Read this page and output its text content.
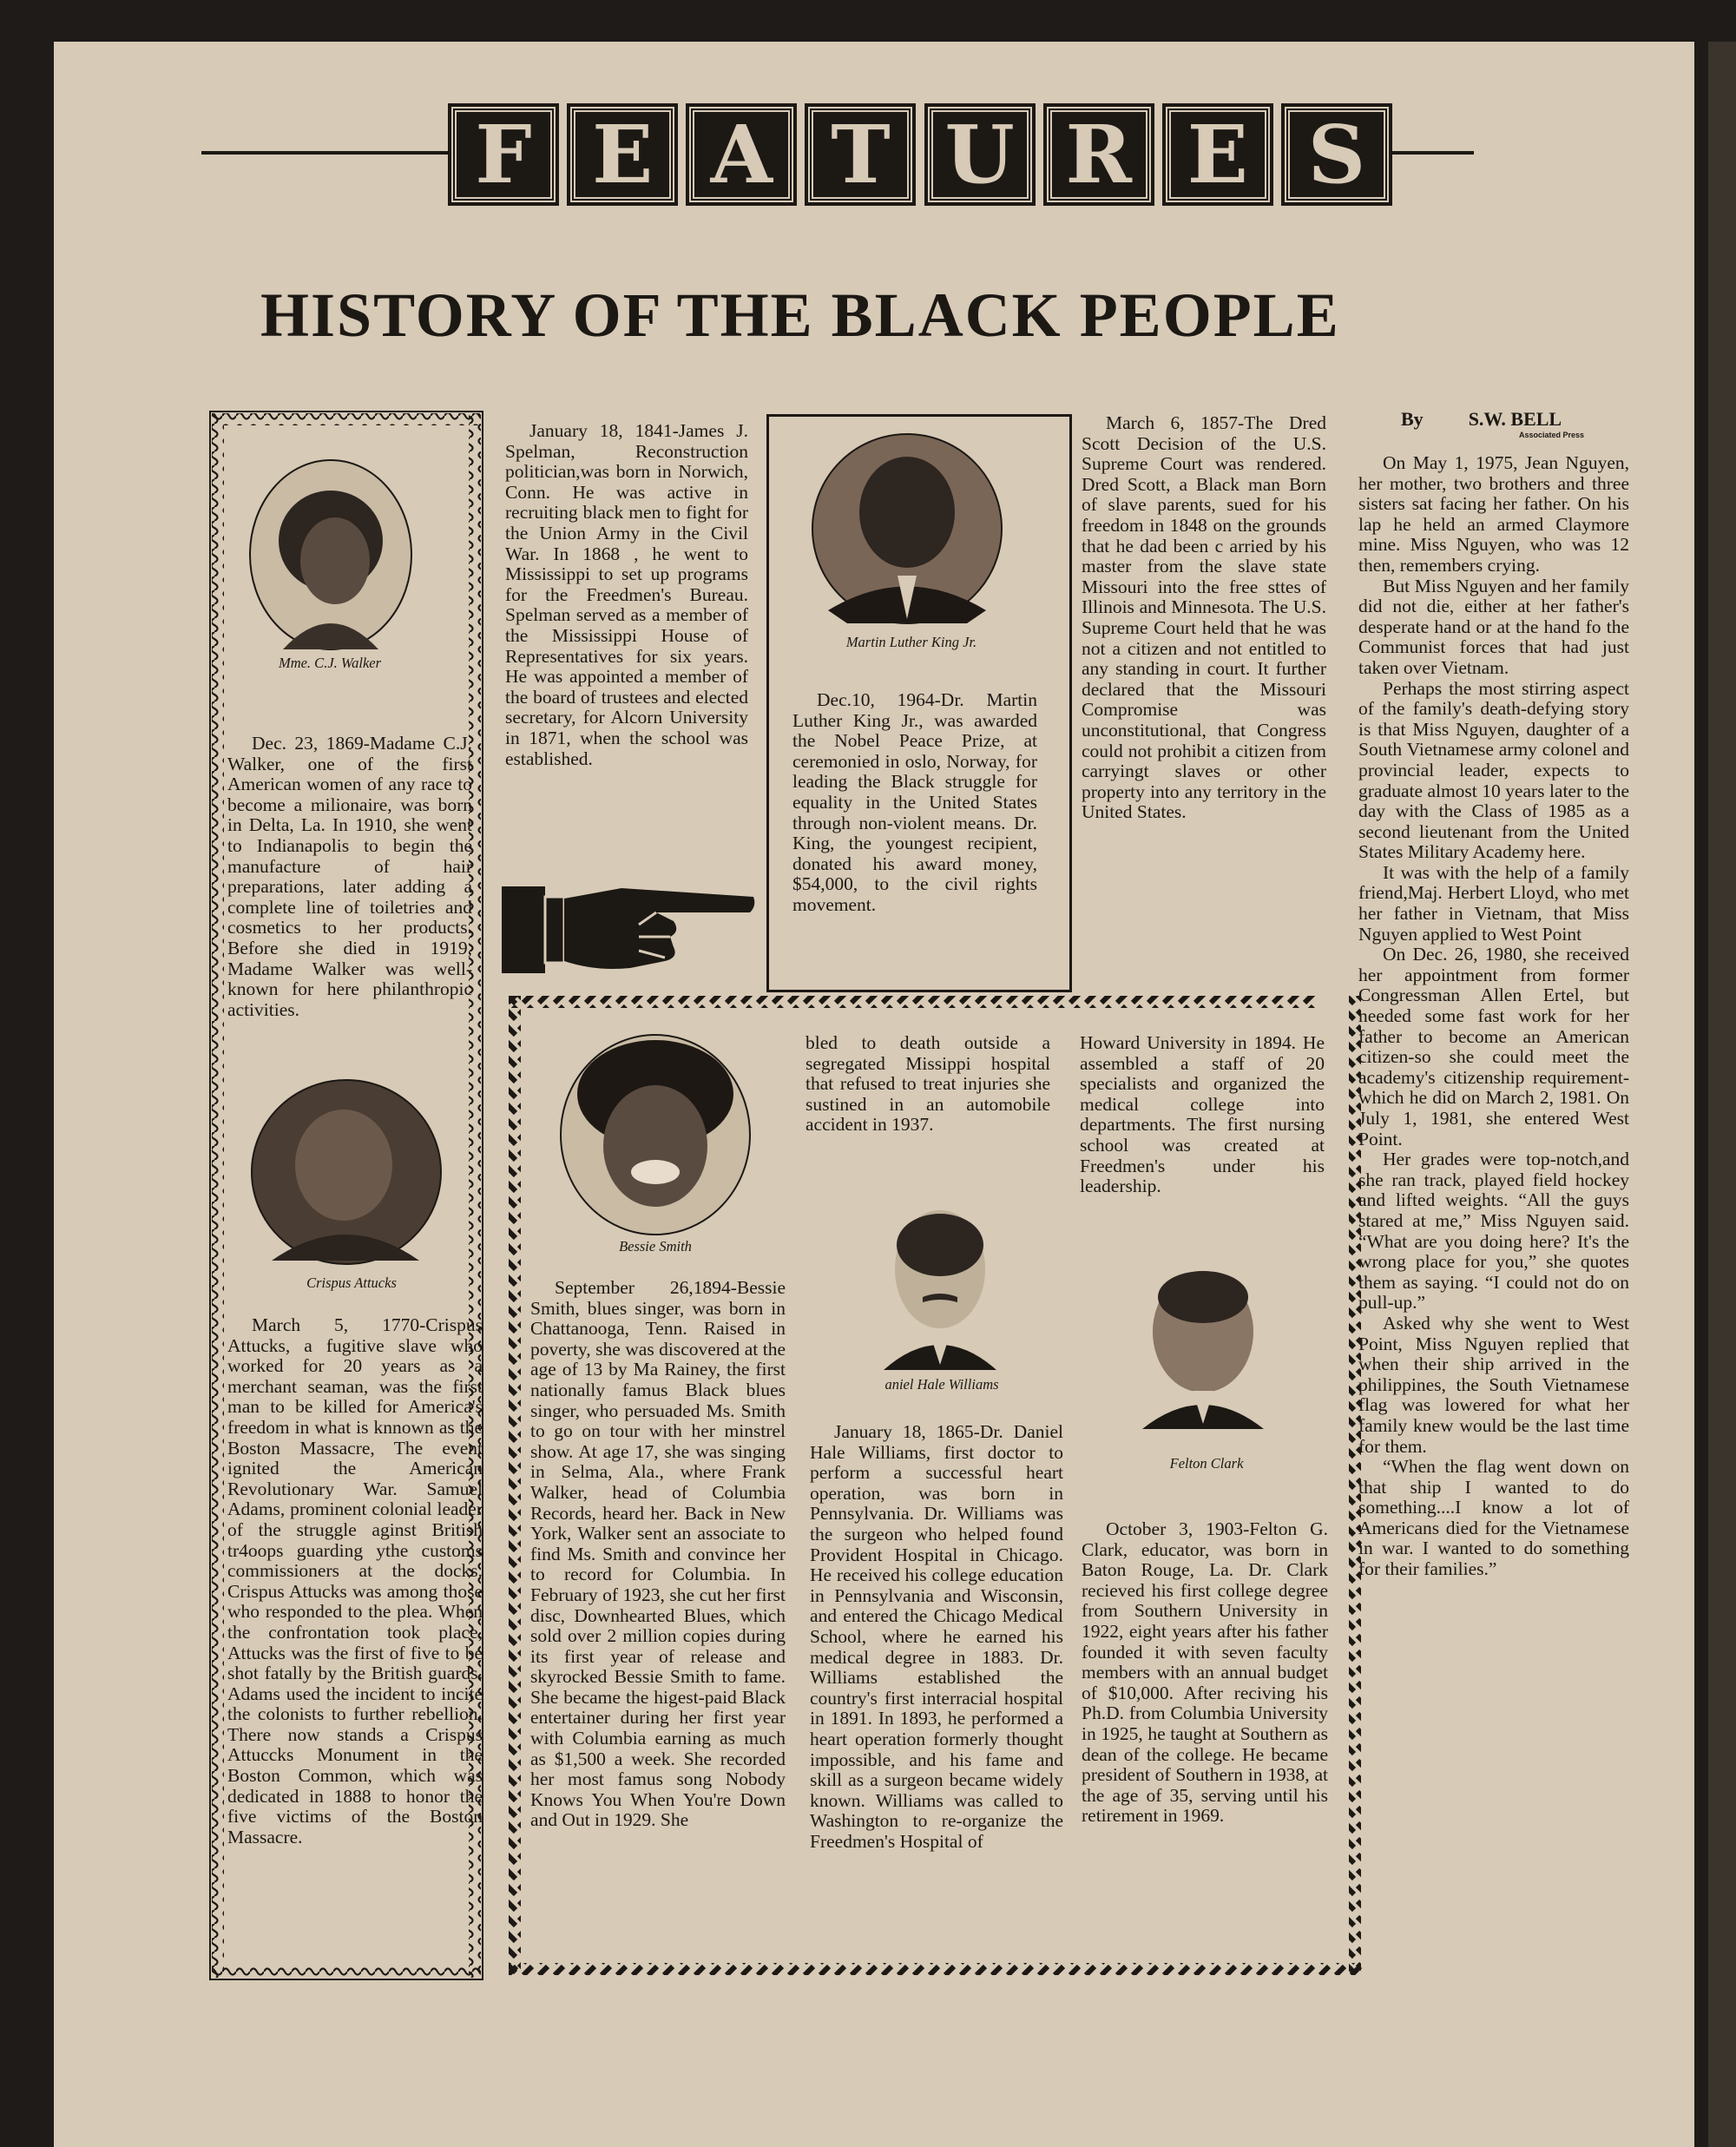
F E A T U R E S
HISTORY OF THE BLACK PEOPLE
Mme. C.J. Walker

Dec. 23, 1869-Madame C.J. Walker, one of the first American women of any race to become a milionaire, was born in Delta, La. In 1910, she went to Indianapolis to begin the manufacture of hair preparations, later adding a complete line of toiletries and cosmetics to her products. Before she died in 1919, Madame Walker was well-known for here philanthropic activities.

Crispus Attucks

March 5, 1770-Crispus Attucks, a fugitive slave who worked for 20 years as a merchant seaman, was the first man to be killed for America's freedom in what is knnown as the Boston Massacre, The event ignited the American Revolutionary War. Samuel Adams, prominent colonial leader of the struggle aginst British tr4oops guarding ythe customs commissioners at the docks. Crispus Attucks was among those who responded to the plea. When the confrontation took place, Attucks was the first of five to be shot fatally by the British guards. Adams used the incident to incite the colonists to further rebellion. There now stands a Crispus Attuccks Monument in the Boston Common, which was dedicated in 1888 to honor the five victims of the Boston Massacre.

January 18, 1841-James J. Spelman, Reconstruction politician,was born in Norwich, Conn. He was active in recruiting black men to fight for the Union Army in the Civil War. In 1868 , he went to Mississippi to set up programs for the Freedmen's Bureau. Spelman served as a member of the Mississippi House of Representatives for six years. He was appointed a member of the board of trustees and elected secretary, for Alcorn University in 1871, when the school was established.

Martin Luther King Jr.

Dec.10, 1964-Dr. Martin Luther King Jr., was awarded the Nobel Peace Prize, at ceremonied in oslo, Norway, for leading the Black struggle for equality in the United States through non-violent means. Dr. King, the youngest recipient, donated his award money, $54,000, to the civil rights movement.

March 6, 1857-The Dred Scott Decision of the U.S. Supreme Court was rendered. Dred Scott, a Black man Born of slave parents, sued for his freedom in 1848 on the grounds that he dad been c arried by his master from the slave state Missouri into the free sttes of Illinois and Minnesota. The U.S. Supreme Court held that he was not a citizen and not entitled to any standing in court. It further declared that the Missouri Compromise was unconstitutional, that Congress could not prohibit a citizen from carryingt slaves or other property into any territory in the United States.

Bessie Smith

September 26,1894-Bessie Smith, blues singer, was born in Chattanooga, Tenn. Raised in poverty, she was discovered at the age of 13 by Ma Rainey, the first nationally famus Black blues singer, who persuaded Ms. Smith to go on tour with her minstrel show. At age 17, she was singing in Selma, Ala., where Frank Walker, head of Columbia Records, heard her. Back in New York, Walker sent an associate to find Ms. Smith and convince her to record for Columbia. In February of 1923, she cut her first disc, Downhearted Blues, which sold over 2 million copies during its first year of release and skyrocked Bessie Smith to fame. She became the higest-paid Black entertainer during her first year with Columbia earning as much as $1,500 a week. She recorded her most famus song Nobody Knows You When You're Down and Out in 1929. She

bled to death outside a segregated Missippi hospital that refused to treat injuries she sustined in an automobile accident in 1937.

aniel Hale Williams

January 18, 1865-Dr. Daniel Hale Williams, first doctor to perform a successful heart operation, was born in Pennsylvania. Dr. Williams was the surgeon who helped found Provident Hospital in Chicago. He received his college education in Pennsylvania and Wisconsin, and entered the Chicago Medical School, where he earned his medical degree in 1883. Dr. Williams established the country's first interracial hospital in 1891. In 1893, he performed a heart operation formerly thought impossible, and his fame and skill as a surgeon became widely known. Williams was called to Washington to re-organize the Freedmen's Hospital of

Howard University in 1894. He assembled a staff of 20 specialists and organized the medical college into departments. The first nursing school was created at Freedmen's under his leadership.

Felton Clark

October 3, 1903-Felton G. Clark, educator, was born in Baton Rouge, La. Dr. Clark recieved his first college degree from Southern University in 1922, eight years after his father founded it with seven faculty members with an annual budget of $10,000. After reciving his Ph.D. from Columbia University in 1925, he taught at Southern as dean of the college. He became president of Southern in 1938, at the age of 35, serving until his retirement in 1969.

By S.W. BELL
Associated Press

On May 1, 1975, Jean Nguyen, her mother, two brothers and three sisters sat facing her father. On his lap he held an armed Claymore mine. Miss Nguyen, who was 12 then, remembers crying.

But Miss Nguyen and her family did not die, either at her father's desperate hand or at the hand fo the Communist forces that had just taken over Vietnam.

Perhaps the most stirring aspect of the family's death-defying story is that Miss Nguyen, daughter of a South Vietnamese army colonel and provincial leader, expects to graduate almost 10 years later to the day with the Class of 1985 as a second lieutenant from the United States Military Academy here.

It was with the help of a family friend,Maj. Herbert Lloyd, who met her father in Vietnam, that Miss Nguyen applied to West Point

On Dec. 26, 1980, she received her appointment from former Congressman Allen Ertel, but needed some fast work for her father to become an American citizen-so she could meet the academy's citizenship requirement-which he did on March 2, 1981. On July 1, 1981, she entered West Point.

Her grades were top-notch,and she ran track, played field hockey and lifted weights. “All the guys stared at me,” Miss Nguyen said. “What are you doing here? It's the wrong place for you,” she quotes them as saying. “I could not do on pull-up.”

Asked why she went to West Point, Miss Nguyen replied that when their ship arrived in the philippines, the South Vietnamese flag was lowered for what her family knew would be the last time for them.

“When the flag went down on that ship I wanted to do something....I know a lot of Americans died for the Vietnamese in war. I wanted to do something for their families.”
